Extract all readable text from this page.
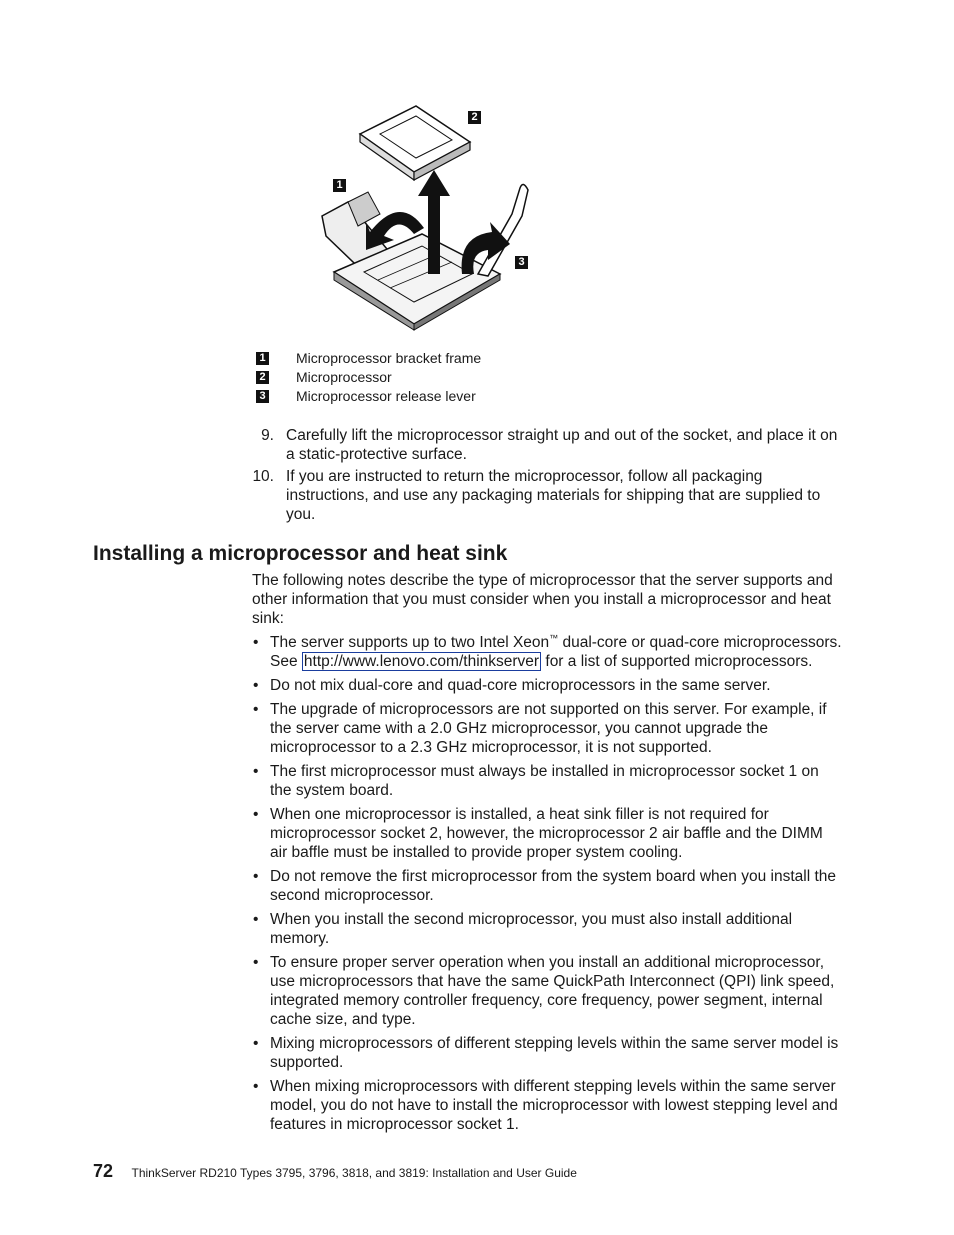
1
2
3
1 Microprocessor bracket frame
2 Microprocessor
3 Microprocessor release lever
9. Carefully lift the microprocessor straight up and out of the socket, and place it on a static-protective surface.
10. If you are instructed to return the microprocessor, follow all packaging instructions, and use any packaging materials for shipping that are supplied to you.
Installing a microprocessor and heat sink

The following notes describe the type of microprocessor that the server supports and other information that you must consider when you install a microprocessor and heat sink:

• The server supports up to two Intel Xeon™ dual-core or quad-core microprocessors. See http://www.lenovo.com/thinkserver for a list of supported microprocessors.
• Do not mix dual-core and quad-core microprocessors in the same server.
• The upgrade of microprocessors are not supported on this server. For example, if the server came with a 2.0 GHz microprocessor, you cannot upgrade the microprocessor to a 2.3 GHz microprocessor, it is not supported.
• The first microprocessor must always be installed in microprocessor socket 1 on the system board.
• When one microprocessor is installed, a heat sink filler is not required for microprocessor socket 2, however, the microprocessor 2 air baffle and the DIMM air baffle must be installed to provide proper system cooling.
• Do not remove the first microprocessor from the system board when you install the second microprocessor.
• When you install the second microprocessor, you must also install additional memory.
• To ensure proper server operation when you install an additional microprocessor, use microprocessors that have the same QuickPath Interconnect (QPI) link speed, integrated memory controller frequency, core frequency, power segment, internal cache size, and type.
• Mixing microprocessors of different stepping levels within the same server model is supported.
• When mixing microprocessors with different stepping levels within the same server model, you do not have to install the microprocessor with lowest stepping level and features in microprocessor socket 1.
72 ThinkServer RD210 Types 3795, 3796, 3818, and 3819: Installation and User Guide
